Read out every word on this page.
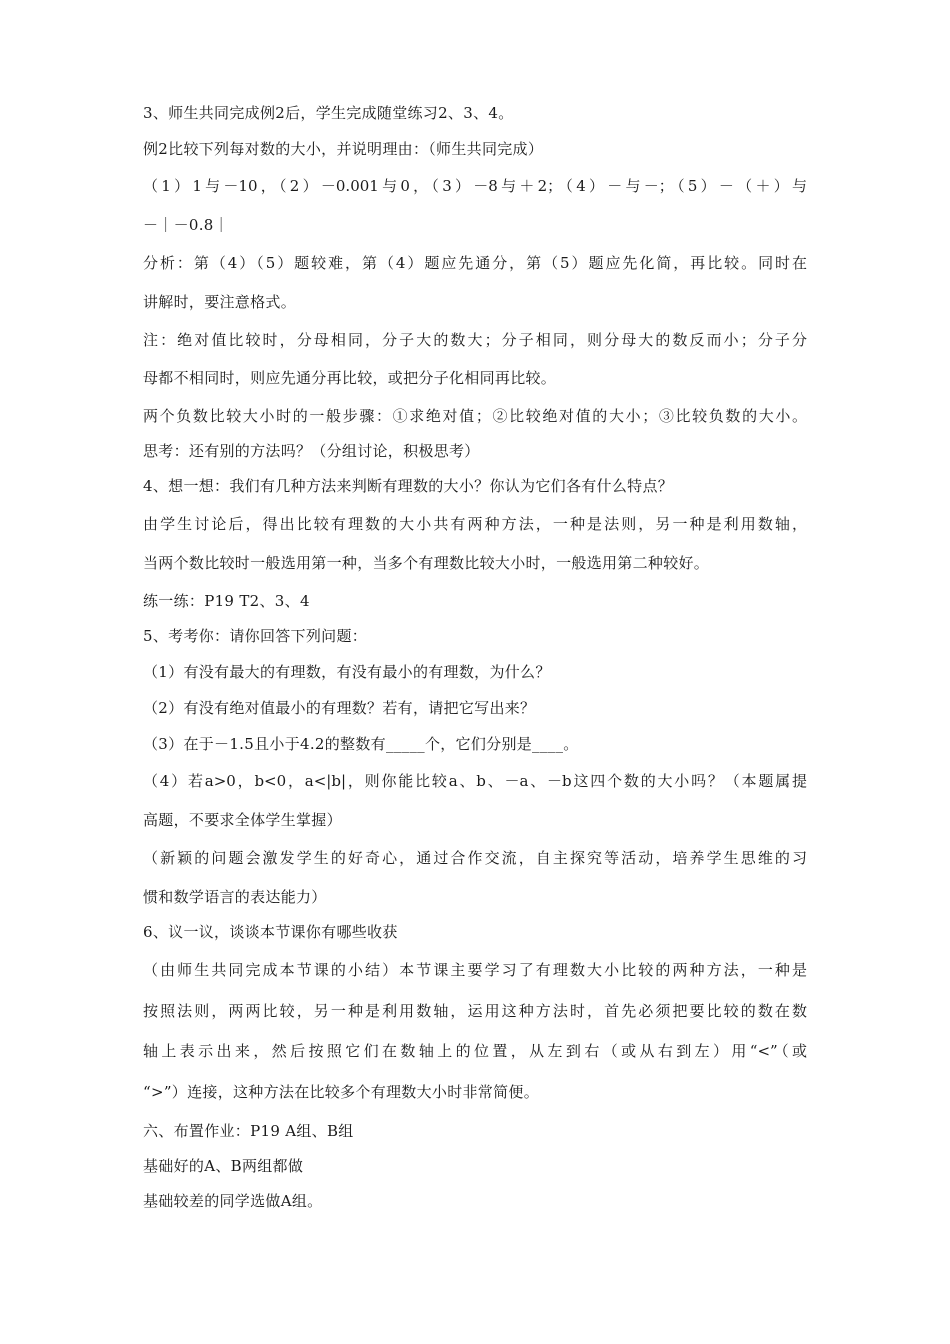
3、师生共同完成例2后，学生完成随堂练习2、3、4。
例2比较下列每对数的大小，并说明理由：（师生共同完成）
（1）1与－10，（2）－0.001与0，（3）－8与＋2；（4）－与－；（5）－（＋）与
－｜－0.8｜
分析：第（4）（5）题较难，第（4）题应先通分，第（5）题应先化简，再比较。同时在
讲解时，要注意格式。
注：绝对值比较时，分母相同，分子大的数大；分子相同，则分母大的数反而小；分子分
母都不相同时，则应先通分再比较，或把分子化相同再比较。
两个负数比较大小时的一般步骤：①求绝对值；②比较绝对值的大小；③比较负数的大小。
思考：还有别的方法吗？（分组讨论，积极思考）
4、想一想：我们有几种方法来判断有理数的大小？你认为它们各有什么特点？
由学生讨论后，得出比较有理数的大小共有两种方法，一种是法则，另一种是利用数轴，
当两个数比较时一般选用第一种，当多个有理数比较大小时，一般选用第二种较好。
练一练：P19 T2、3、4
5、考考你：请你回答下列问题：
（1）有没有最大的有理数，有没有最小的有理数，为什么？
（2）有没有绝对值最小的有理数？若有，请把它写出来？
（3）在于－1.5且小于4.2的整数有_____个，它们分别是____。
（4）若a>0，b<0，a<|b|，则你能比较a、b、－a、－b这四个数的大小吗？（本题属提
高题，不要求全体学生掌握）
（新颖的问题会激发学生的好奇心，通过合作交流，自主探究等活动，培养学生思维的习
惯和数学语言的表达能力）
6、议一议，谈谈本节课你有哪些收获
（由师生共同完成本节课的小结）本节课主要学习了有理数大小比较的两种方法，一种是
按照法则，两两比较，另一种是利用数轴，运用这种方法时，首先必须把要比较的数在数
轴上表示出来，然后按照它们在数轴上的位置，从左到右（或从右到左）用“<”（或
“>”）连接，这种方法在比较多个有理数大小时非常简便。
六、布置作业：P19 A组、B组
基础好的A、B两组都做
基础较差的同学选做A组。
